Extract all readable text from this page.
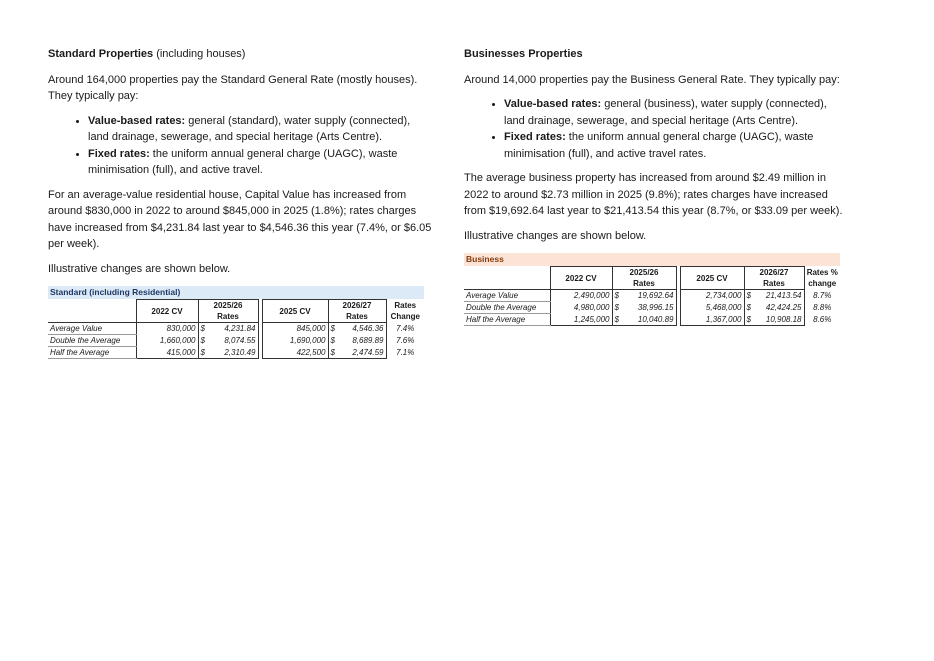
Standard Properties (including houses)

Around 164,000 properties pay the Standard General Rate (mostly houses). They typically pay:

• Value-based rates: general (standard), water supply (connected), land drainage, sewerage, and special heritage (Arts Centre).
• Fixed rates: the uniform annual general charge (UAGC), waste minimisation (full), and active travel.

For an average-value residential house, Capital Value has increased from around $830,000 in 2022 to around $845,000 in 2025 (1.8%); rates charges have increased from $4,231.84 last year to $4,546.36 this year (7.4%, or $6.05 per week).

Illustrative changes are shown below.

Standard (including Residential)
	2022 CV	2025/26		2025 CV	2026/27	Rates
		Rates			Rates	Change
Average Value	830,000	$ 4,231.84		845,000	$ 4,546.36	7.4%
Double the Average	1,660,000	$ 8,074.55		1,690,000	$ 8,689.89	7.6%
Half the Average	415,000	$ 2,310.49		422,500	$ 2,474.59	7.1%
Businesses Properties

Around 14,000 properties pay the Business General Rate. They typically pay:

• Value-based rates: general (business), water supply (connected), land drainage, sewerage, and special heritage (Arts Centre).
• Fixed rates: the uniform annual general charge (UAGC), waste minimisation (full), and active travel rates.

The average business property has increased from around $2.49 million in 2022 to around $2.73 million in 2025 (9.8%); rates charges have increased from $19,692.64 last year to $21,413.54 this year (8.7%, or $33.09 per week).

Illustrative changes are shown below.

Business
	2022 CV	2025/26		2025 CV	2026/27	Rates %
		Rates			Rates	change
Average Value	2,490,000	$ 19,692.64		2,734,000	$ 21,413.54	8.7%
Double the Average	4,980,000	$ 38,996.15		5,468,000	$ 42,424.25	8.8%
Half the Average	1,245,000	$ 10,040.89		1,367,000	$ 10,908.18	8.6%
